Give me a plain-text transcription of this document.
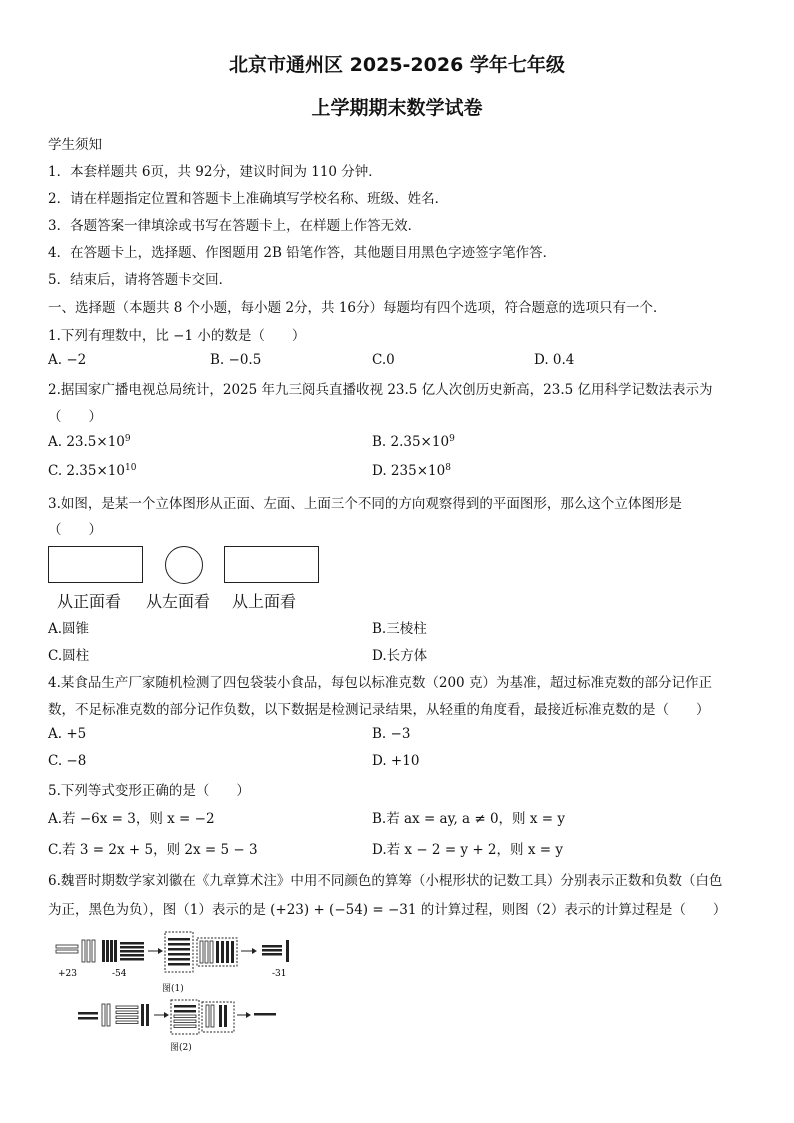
北京市通州区 2025-2026 学年七年级
上学期期末数学试卷
学生须知
1．本套样题共 6页，共 92分，建议时间为 110 分钟．
2．请在样题指定位置和答题卡上准确填写学校名称、班级、姓名．
3．各题答案一律填涂或书写在答题卡上，在样题上作答无效．
4．在答题卡上，选择题、作图题用 2B 铅笔作答，其他题目用黑色字迹签字笔作答．
5．结束后，请将答题卡交回．
一、选择题（本题共 8 个小题，每小题 2分，共 16分）每题均有四个选项，符合题意的选项只有一个．
1.下列有理数中，比 −1 小的数是（　　）
A. −2	B. −0.5	C.0	D. 0.4
2.据国家广播电视总局统计，2025 年九三阅兵直播收视 23.5 亿人次创历史新高，23.5 亿用科学记数法表示为
（　　）
A. $23.5\times 10^9$	B. $2.35\times 10^9$
C. $2.35\times 10^{10}$	D. $235\times 10^8$
3.如图，是某一个立体图形从正面、左面、上面三个不同的方向观察得到的平面图形，那么这个立体图形是
（　　）
从正面看 从左面看 从上面看
A.圆锥	B.三棱柱
C.圆柱	D.长方体
4.某食品生产厂家随机检测了四包袋装小食品，每包以标准克数（200 克）为基准，超过标准克数的部分记作正
数，不足标准克数的部分记作负数，以下数据是检测记录结果，从轻重的角度看，最接近标准克数的是（　　）
A. +5	B. −3
C. −8	D. +10
5.下列等式变形正确的是（　　）
A.若 −6x = 3，则 x = −2	B.若 ax = ay, a ≠ 0，则 x = y
C.若 3 = 2x + 5，则 2x = 5 − 3	D.若 x − 2 = y + 2，则 x = y
6.魏晋时期数学家刘徽在《九章算术注》中用不同颜色的算筹（小棍形状的记数工具）分别表示正数和负数（白色
为正，黑色为负），图（1）表示的是 (+23) + (−54) = −31 的计算过程，则图（2）表示的计算过程是（　　）
+23	-54	-31
图(1)
图(2)
